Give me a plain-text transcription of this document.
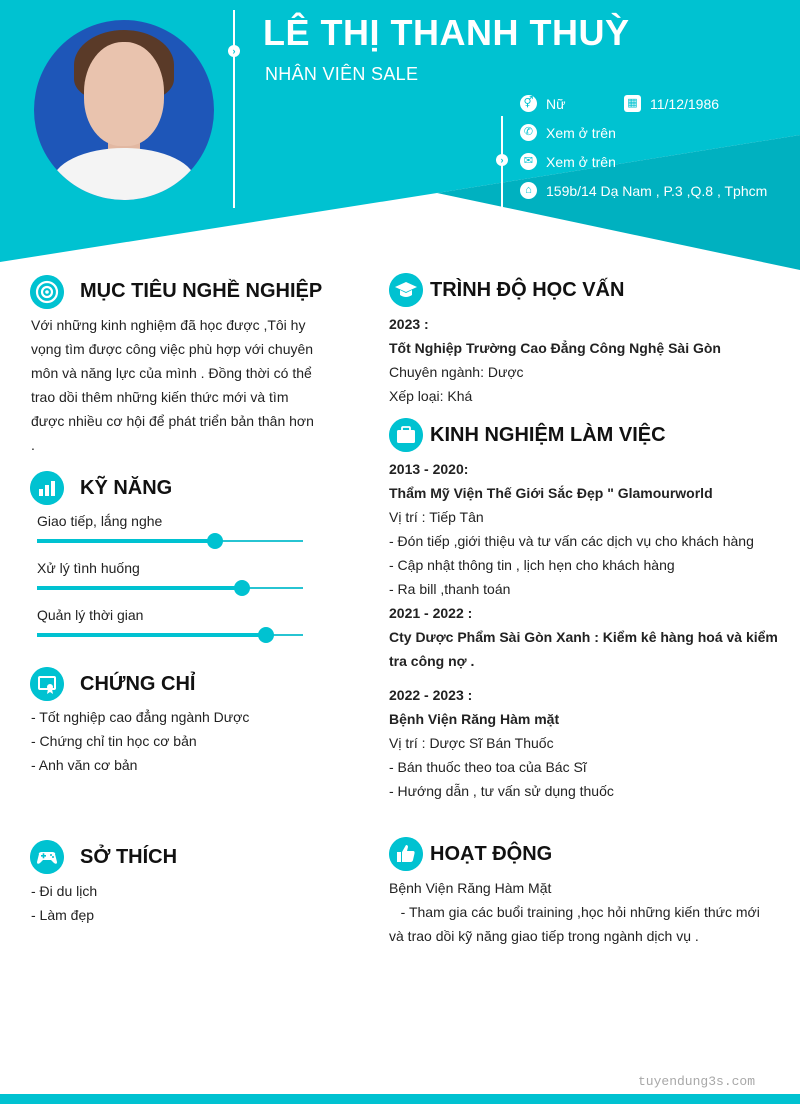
› LÊ THỊ THANH THUỲ
NHÂN VIÊN SALE
›
⚥ Nữ	▦ 11/12/1986
✆ Xem ở trên
✉ Xem ở trên
⌂	159b/14 Dạ Nam , P.3 ,Q.8 , Tphcm
MỤC TIÊU NGHỀ NGHIỆP
Với những kinh nghiệm đã học được ,Tôi hy
vọng tìm được công việc phù hợp với chuyên
môn và năng lực của mình . Đồng thời có thể
trao dồi thêm những kiến thức mới và tìm
được nhiều cơ hội để phát triển bản thân hơn
.
KỸ NĂNG
Giao tiếp, lắng nghe
Xử lý tình huống
Quản lý thời gian
CHỨNG CHỈ
- Tốt nghiệp cao đẳng ngành Dược
- Chứng chỉ tin học cơ bản
- Anh văn cơ bản
SỞ THÍCH
- Đi du lịch
- Làm đẹp
TRÌNH ĐỘ HỌC VẤN
2023 :
Tốt Nghiệp Trường Cao Đẳng Công Nghệ Sài Gòn
Chuyên ngành: Dược
Xếp loại: Khá
KINH NGHIỆM LÀM VIỆC
2013 - 2020:
Thẩm Mỹ Viện Thế Giới Sắc Đẹp " Glamourworld
Vị trí : Tiếp Tân
- Đón tiếp ,giới thiệu và tư vấn các dịch vụ cho khách hàng
- Cập nhật thông tin , lịch hẹn cho khách hàng
- Ra bill ,thanh toán
2021 - 2022 :
Cty Dược Phẩm Sài Gòn Xanh : Kiểm kê hàng hoá và kiểm
tra công nợ .
2022 - 2023 :
Bệnh Viện Răng Hàm mặt
Vị trí : Dược Sĩ Bán Thuốc
- Bán thuốc theo toa của Bác Sĩ
- Hướng dẫn , tư vấn sử dụng thuốc
HOẠT ĐỘNG
Bệnh Viện Răng Hàm Mặt
- Tham gia các buổi training ,học hỏi những kiến thức mới
và trao dồi kỹ năng giao tiếp trong ngành dịch vụ .
tuyendung3s.com
